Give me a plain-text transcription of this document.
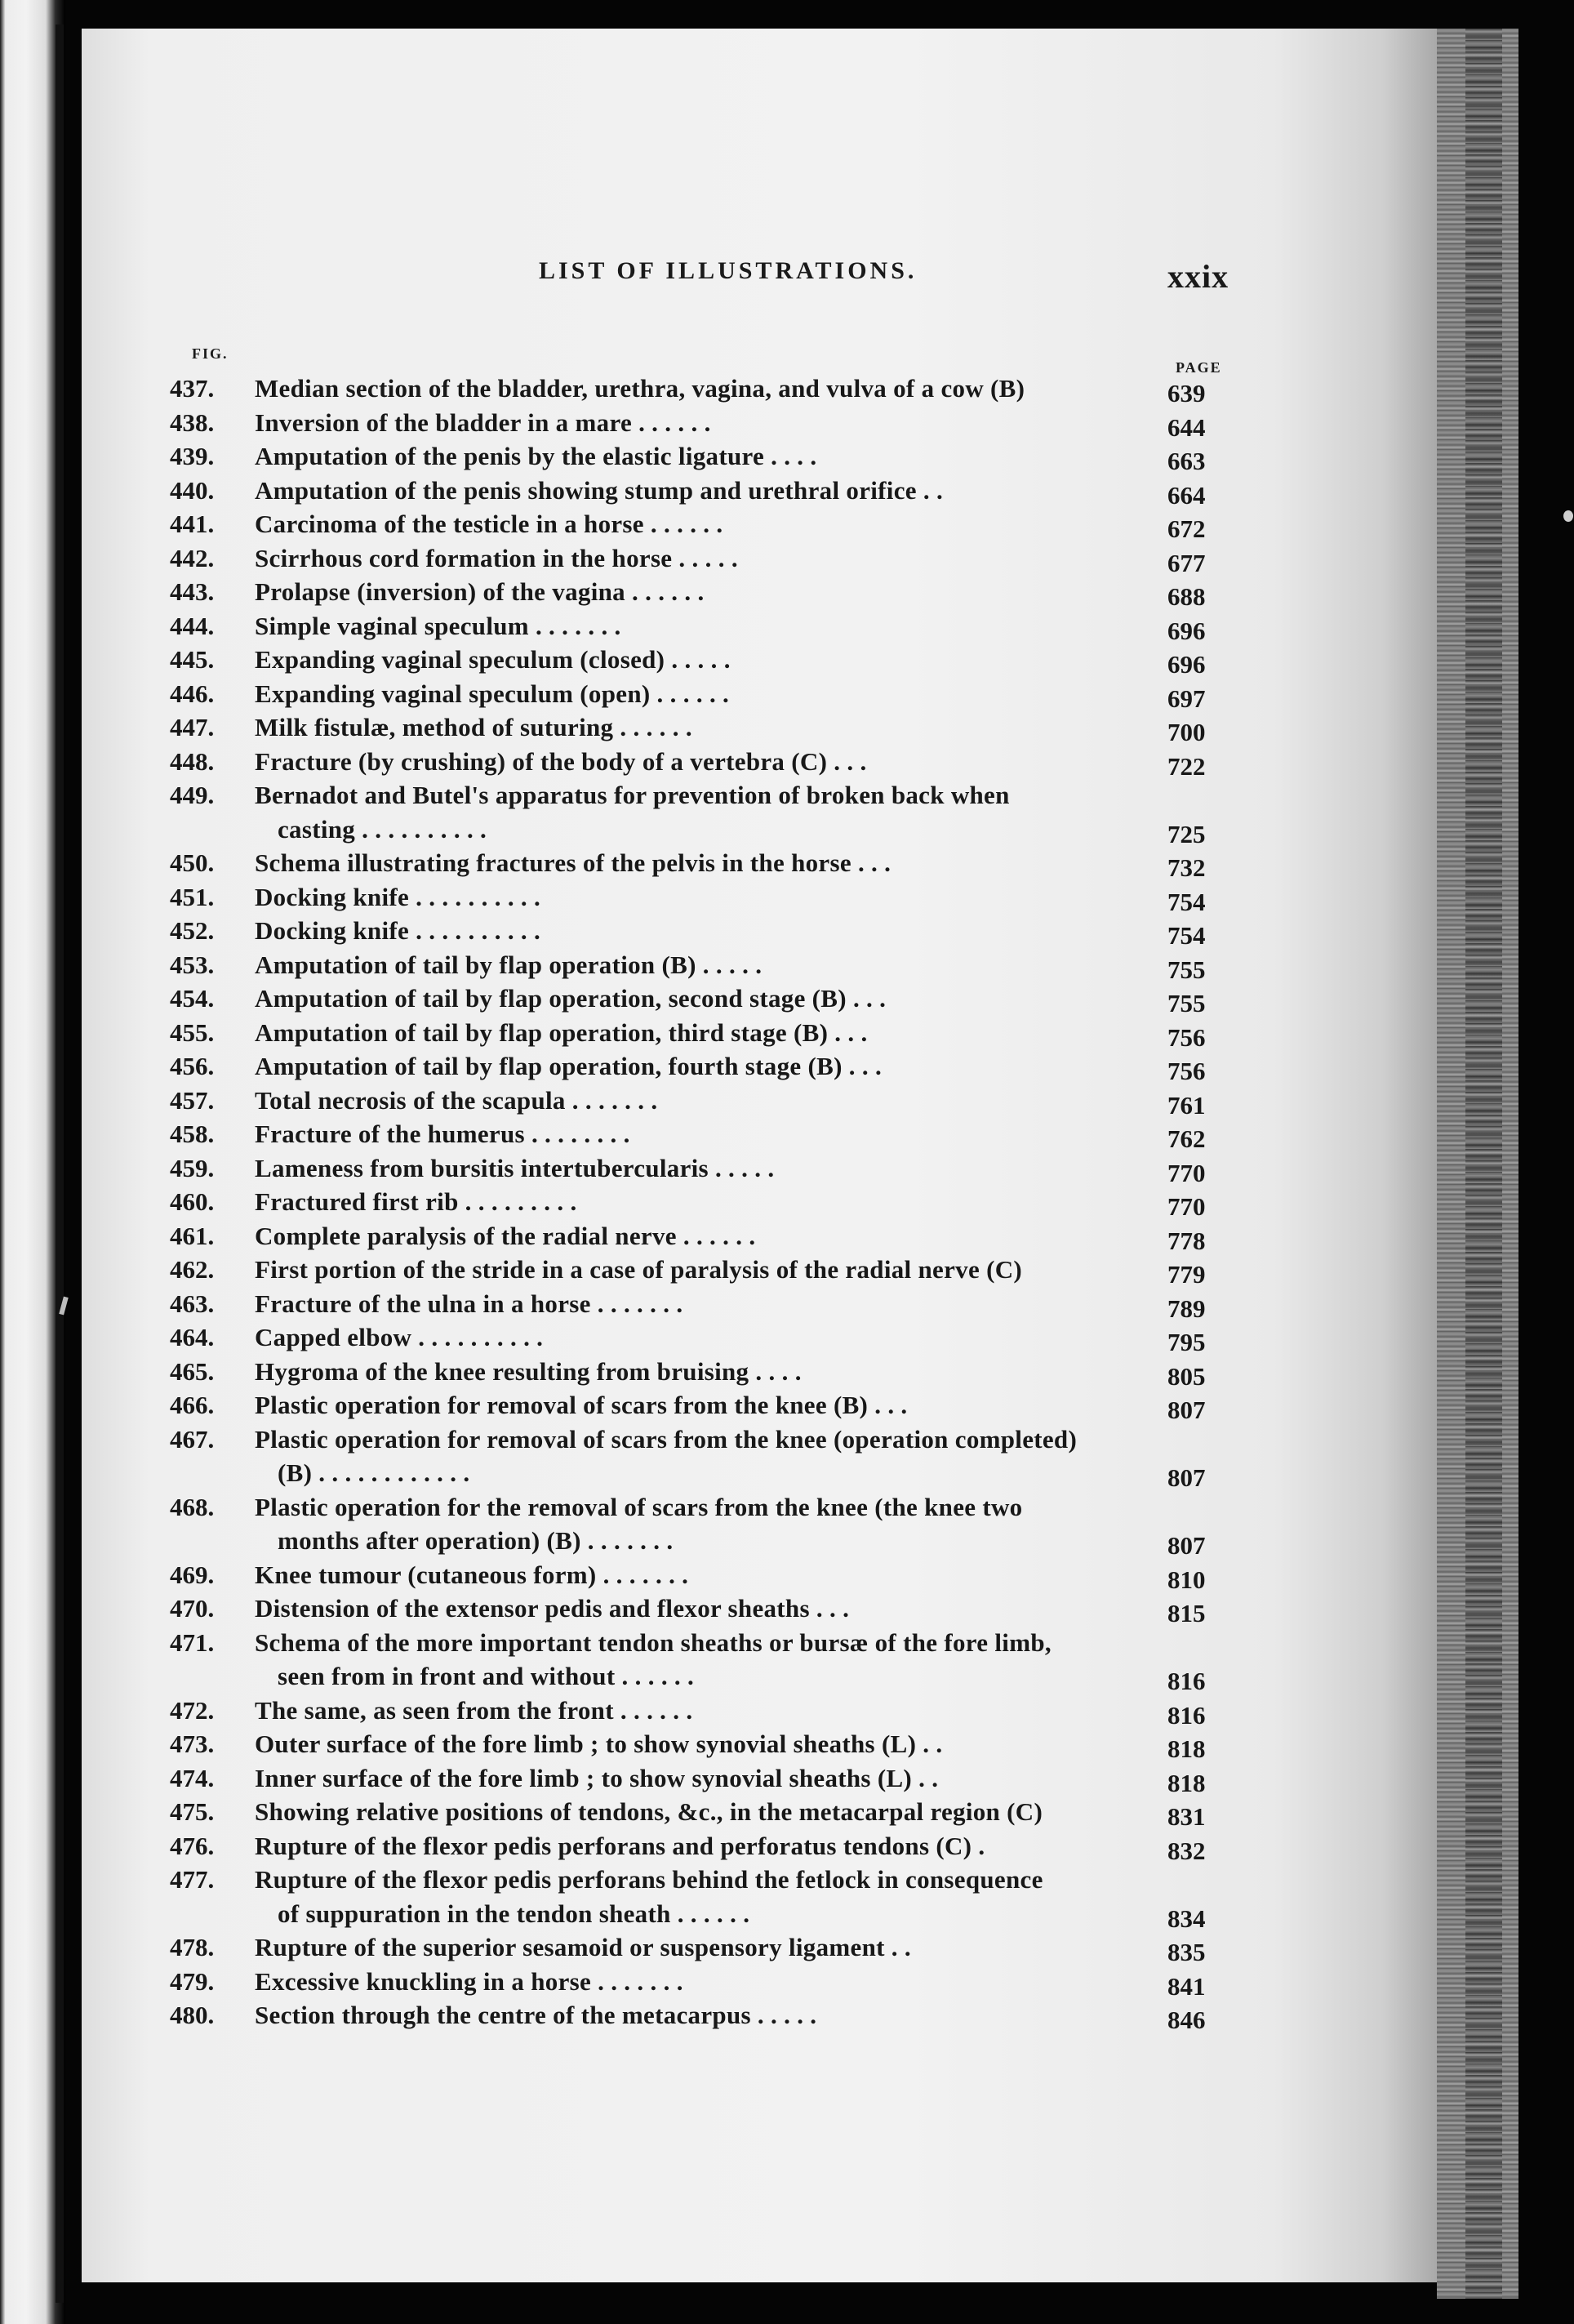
LIST OF ILLUSTRATIONS.	xxix
FIG.
PAGE
437.	Median section of the bladder, urethra, vagina, and vulva of a cow (B)	639
438.	Inversion of the bladder in a mare . . . . . .	644
439.	Amputation of the penis by the elastic ligature . . . .	663
440.	Amputation of the penis showing stump and urethral orifice . .	664
441.	Carcinoma of the testicle in a horse . . . . . .	672
442.	Scirrhous cord formation in the horse . . . . .	677
443.	Prolapse (inversion) of the vagina . . . . . .	688
444.	Simple vaginal speculum . . . . . . .	696
445.	Expanding vaginal speculum (closed) . . . . .	696
446.	Expanding vaginal speculum (open) . . . . . .	697
447.	Milk fistulæ, method of suturing . . . . . .	700
448.	Fracture (by crushing) of the body of a vertebra (C) . . .	722
449.	Bernadot and Butel's apparatus for prevention of broken back when
casting . . . . . . . . . .	725
450.	Schema illustrating fractures of the pelvis in the horse . . .	732
451.	Docking knife . . . . . . . . . .	754
452.	Docking knife . . . . . . . . . .	754
453.	Amputation of tail by flap operation (B) . . . . .	755
454.	Amputation of tail by flap operation, second stage (B) . . .	755
455.	Amputation of tail by flap operation, third stage (B) . . .	756
456.	Amputation of tail by flap operation, fourth stage (B) . . .	756
457.	Total necrosis of the scapula . . . . . . .	761
458.	Fracture of the humerus . . . . . . . .	762
459.	Lameness from bursitis intertubercularis . . . . .	770
460.	Fractured first rib . . . . . . . . .	770
461.	Complete paralysis of the radial nerve . . . . . .	778
462.	First portion of the stride in a case of paralysis of the radial nerve (C)	779
463.	Fracture of the ulna in a horse . . . . . . .	789
464.	Capped elbow . . . . . . . . . .	795
465.	Hygroma of the knee resulting from bruising . . . .	805
466.	Plastic operation for removal of scars from the knee (B) . . .	807
467.	Plastic operation for removal of scars from the knee (operation completed)
(B) . . . . . . . . . . . .	807
468.	Plastic operation for the removal of scars from the knee (the knee two
months after operation) (B) . . . . . . .	807
469.	Knee tumour (cutaneous form) . . . . . . .	810
470.	Distension of the extensor pedis and flexor sheaths . . .	815
471.	Schema of the more important tendon sheaths or bursæ of the fore limb,
seen from in front and without . . . . . .	816
472.	The same, as seen from the front . . . . . .	816
473.	Outer surface of the fore limb ; to show synovial sheaths (L) . .	818
474.	Inner surface of the fore limb ; to show synovial sheaths (L) . .	818
475.	Showing relative positions of tendons, &c., in the metacarpal region (C)	831
476.	Rupture of the flexor pedis perforans and perforatus tendons (C) .	832
477.	Rupture of the flexor pedis perforans behind the fetlock in consequence
of suppuration in the tendon sheath . . . . . .	834
478.	Rupture of the superior sesamoid or suspensory ligament . .	835
479.	Excessive knuckling in a horse . . . . . . .	841
480.	Section through the centre of the metacarpus . . . . .	846
